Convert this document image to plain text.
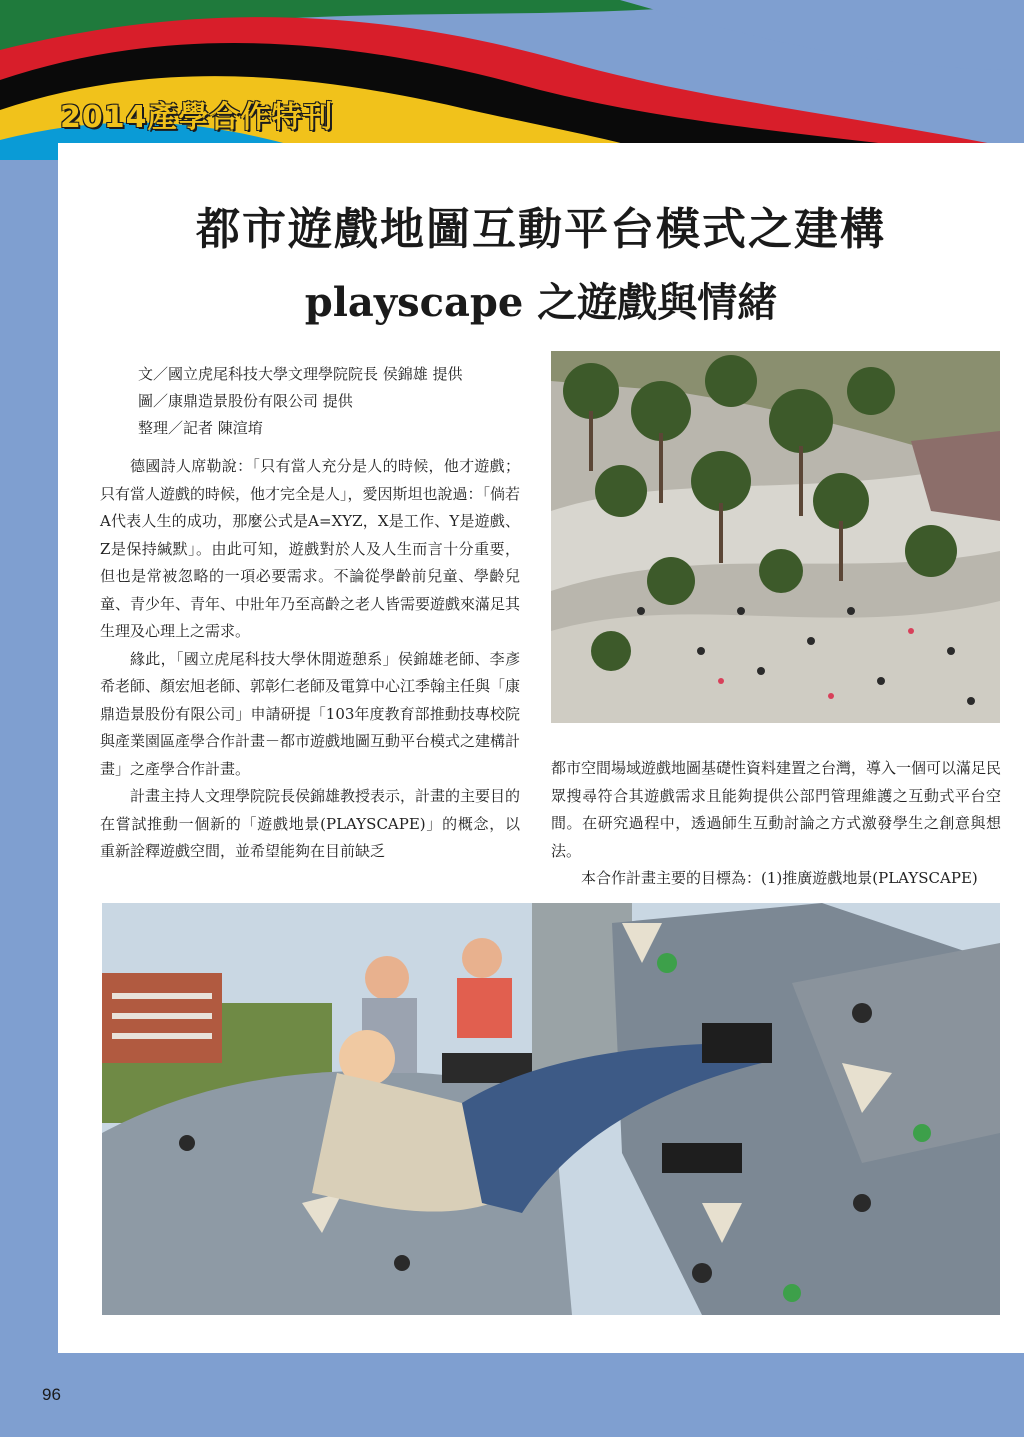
2014產學合作特刊
都市遊戲地圖互動平台模式之建構
playscape 之遊戲與情緒
文／國立虎尾科技大學文理學院院長 侯錦雄 提供
圖／康鼎造景股份有限公司 提供
整理／記者 陳渲堉

德國詩人席勒說：「只有當人充分是人的時候，他才遊戲；只有當人遊戲的時候，他才完全是人」，愛因斯坦也說過：「倘若A代表人生的成功，那麼公式是A=XYZ，X是工作、Y是遊戲、Z是保持緘默」。由此可知，遊戲對於人及人生而言十分重要，但也是常被忽略的一項必要需求。不論從學齡前兒童、學齡兒童、青少年、青年、中壯年乃至高齡之老人皆需要遊戲來滿足其生理及心理上之需求。

緣此，「國立虎尾科技大學休閒遊憩系」侯錦雄老師、李彥希老師、顏宏旭老師、郭彰仁老師及電算中心江季翰主任與「康鼎造景股份有限公司」申請研提「103年度教育部推動技專校院與產業園區產學合作計畫－都市遊戲地圖互動平台模式之建構計畫」之產學合作計畫。

計畫主持人文理學院院長侯錦雄教授表示，計畫的主要目的在嘗試推動一個新的「遊戲地景(PLAYSCAPE)」的概念，以重新詮釋遊戲空間，並希望能夠在目前缺乏

都市空間場域遊戲地圖基礎性資料建置之台灣，導入一個可以滿足民眾搜尋符合其遊戲需求且能夠提供公部門管理維護之互動式平台空間。在研究過程中，透過師生互動討論之方式激發學生之創意與想法。

本合作計畫主要的目標為：(1)推廣遊戲地景(PLAYSCAPE)

96
